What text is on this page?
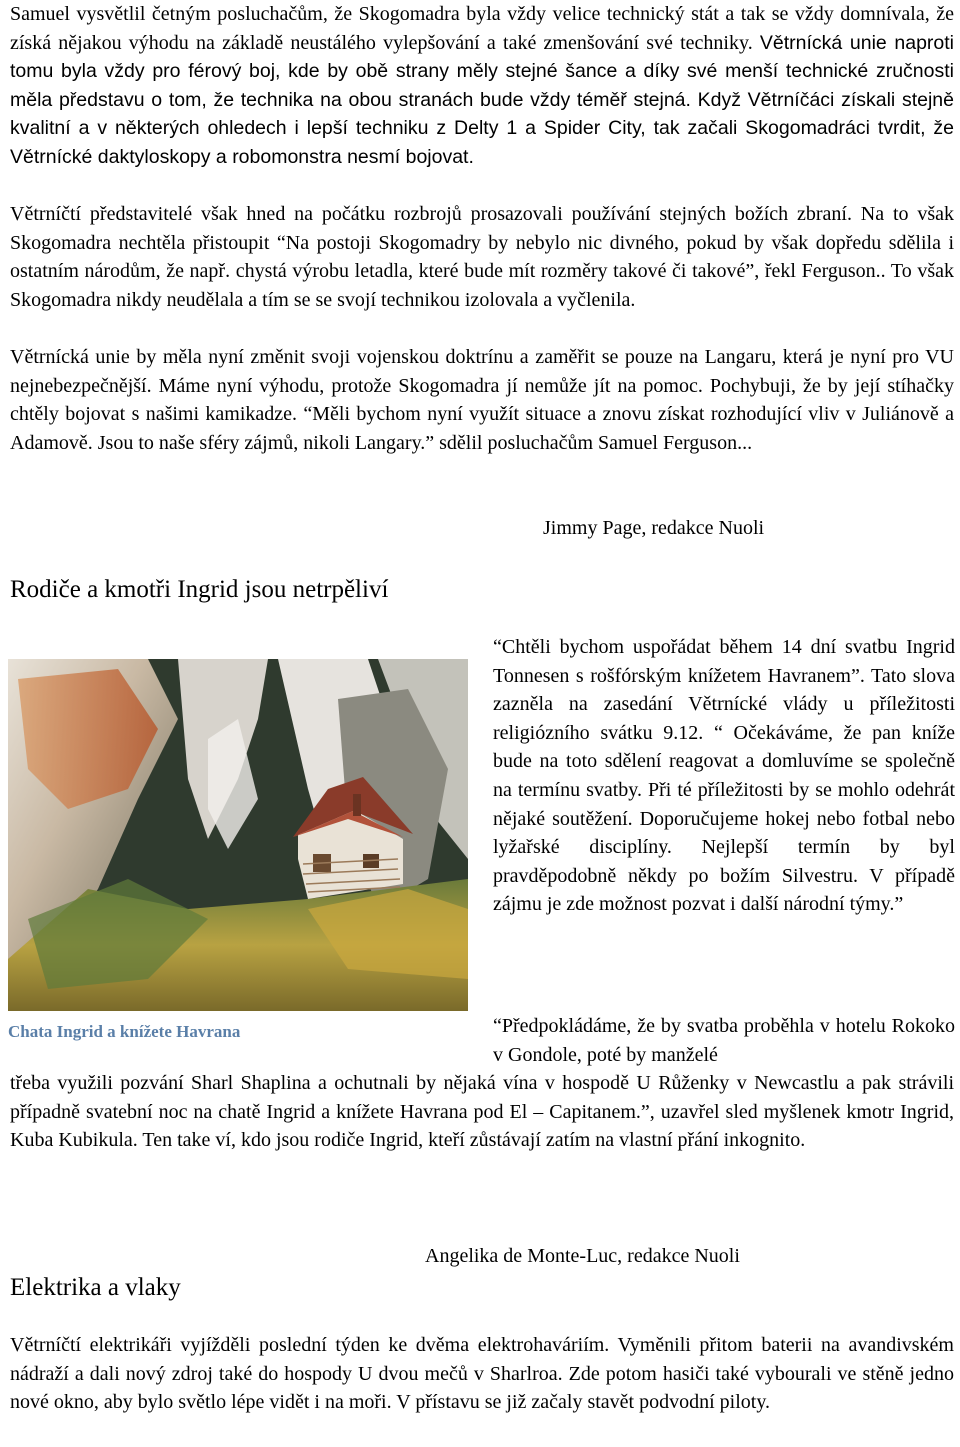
Samuel vysvětlil četným posluchačům, že Skogomadra byla vždy velice technický stát a tak se vždy domnívala, že získá nějakou výhodu na základě neustálého vylepšování a také zmenšování své techniky. Větrnícká unie naproti tomu byla vždy pro férový boj, kde by obě strany měly stejné šance a díky své menší technické zručnosti měla představu o tom, že technika na obou stranách bude vždy téměř stejná. Když Větrníčáci získali stejně kvalitní a v některých ohledech i lepší techniku z Delty 1 a Spider City, tak začali Skogomadráci tvrdit, že Větrnícké daktyloskopy a robomonstra nesmí bojovat.

Větrníčtí představitelé však hned na počátku rozbrojů prosazovali používání stejných božích zbraní. Na to však Skogomadra nechtěla přistoupit “Na postoji Skogomadry by nebylo nic divného, pokud by však dopředu sdělila i ostatním národům, že např. chystá výrobu letadla, které bude mít rozměry takové či takové”, řekl Ferguson.. To však Skogomadra nikdy neudělala a tím se se svojí technikou izolovala a vyčlenila.

Větrnícká unie by měla nyní změnit svoji vojenskou doktrínu a zaměřit se pouze na Langaru, která je nyní pro VU nejnebezpečnější. Máme nyní výhodu, protože Skogomadra jí nemůže jít na pomoc. Pochybuji, že by její stíhačky chtěly bojovat s našimi kamikadze. “Měli bychom nyní využít situace a znovu získat rozhodující vliv v Juliánově a Adamově. Jsou to naše sféry zájmů, nikoli Langary.” sdělil posluchačům Samuel Ferguson...

Jimmy Page, redakce Nuoli

Rodiče a kmotři Ingrid jsou netrpěliví

Chata Ingrid a knížete Havrana

“Chtěli bychom uspořádat během 14 dní svatbu Ingrid Tonnesen s rošfórským knížetem Havranem”. Tato slova zazněla na zasedání Větrnícké vlády u příležitosti religiózního svátku 9.12. “ Očekáváme, že pan kníže bude na toto sdělení reagovat a domluvíme se společně na termínu svatby. Při té příležitosti by se mohlo odehrát nějaké soutěžení. Doporučujeme hokej nebo fotbal nebo lyžařské disciplíny. Nejlepší termín by byl pravděpodobně někdy po božím Silvestru. V případě zájmu je zde možnost pozvat i další národní týmy.”

“Předpokládáme, že by svatba proběhla v hotelu Rokoko v Gondole, poté by manželé

třeba využili pozvání Sharl Shaplina a ochutnali by nějaká vína v hospodě U Růženky v Newcastlu a pak strávili případně svatební noc na chatě Ingrid a knížete Havrana pod El – Capitanem.”, uzavřel sled myšlenek kmotr Ingrid, Kuba Kubikula. Ten take ví, kdo jsou rodiče Ingrid, kteří zůstávají zatím na vlastní přání inkognito.

Angelika de Monte-Luc, redakce Nuoli

Elektrika a vlaky

Větrníčtí elektrikáři vyjížděli poslední týden ke dvěma elektrohaváriím. Vyměnili přitom baterii na avandivském nádraží a dali nový zdroj také do hospody U dvou mečů v Sharlroa. Zde potom hasiči také vybourali ve stěně jedno nové okno, aby bylo světlo lépe vidět i na moři. V přístavu se již začaly stavět podvodní piloty.
